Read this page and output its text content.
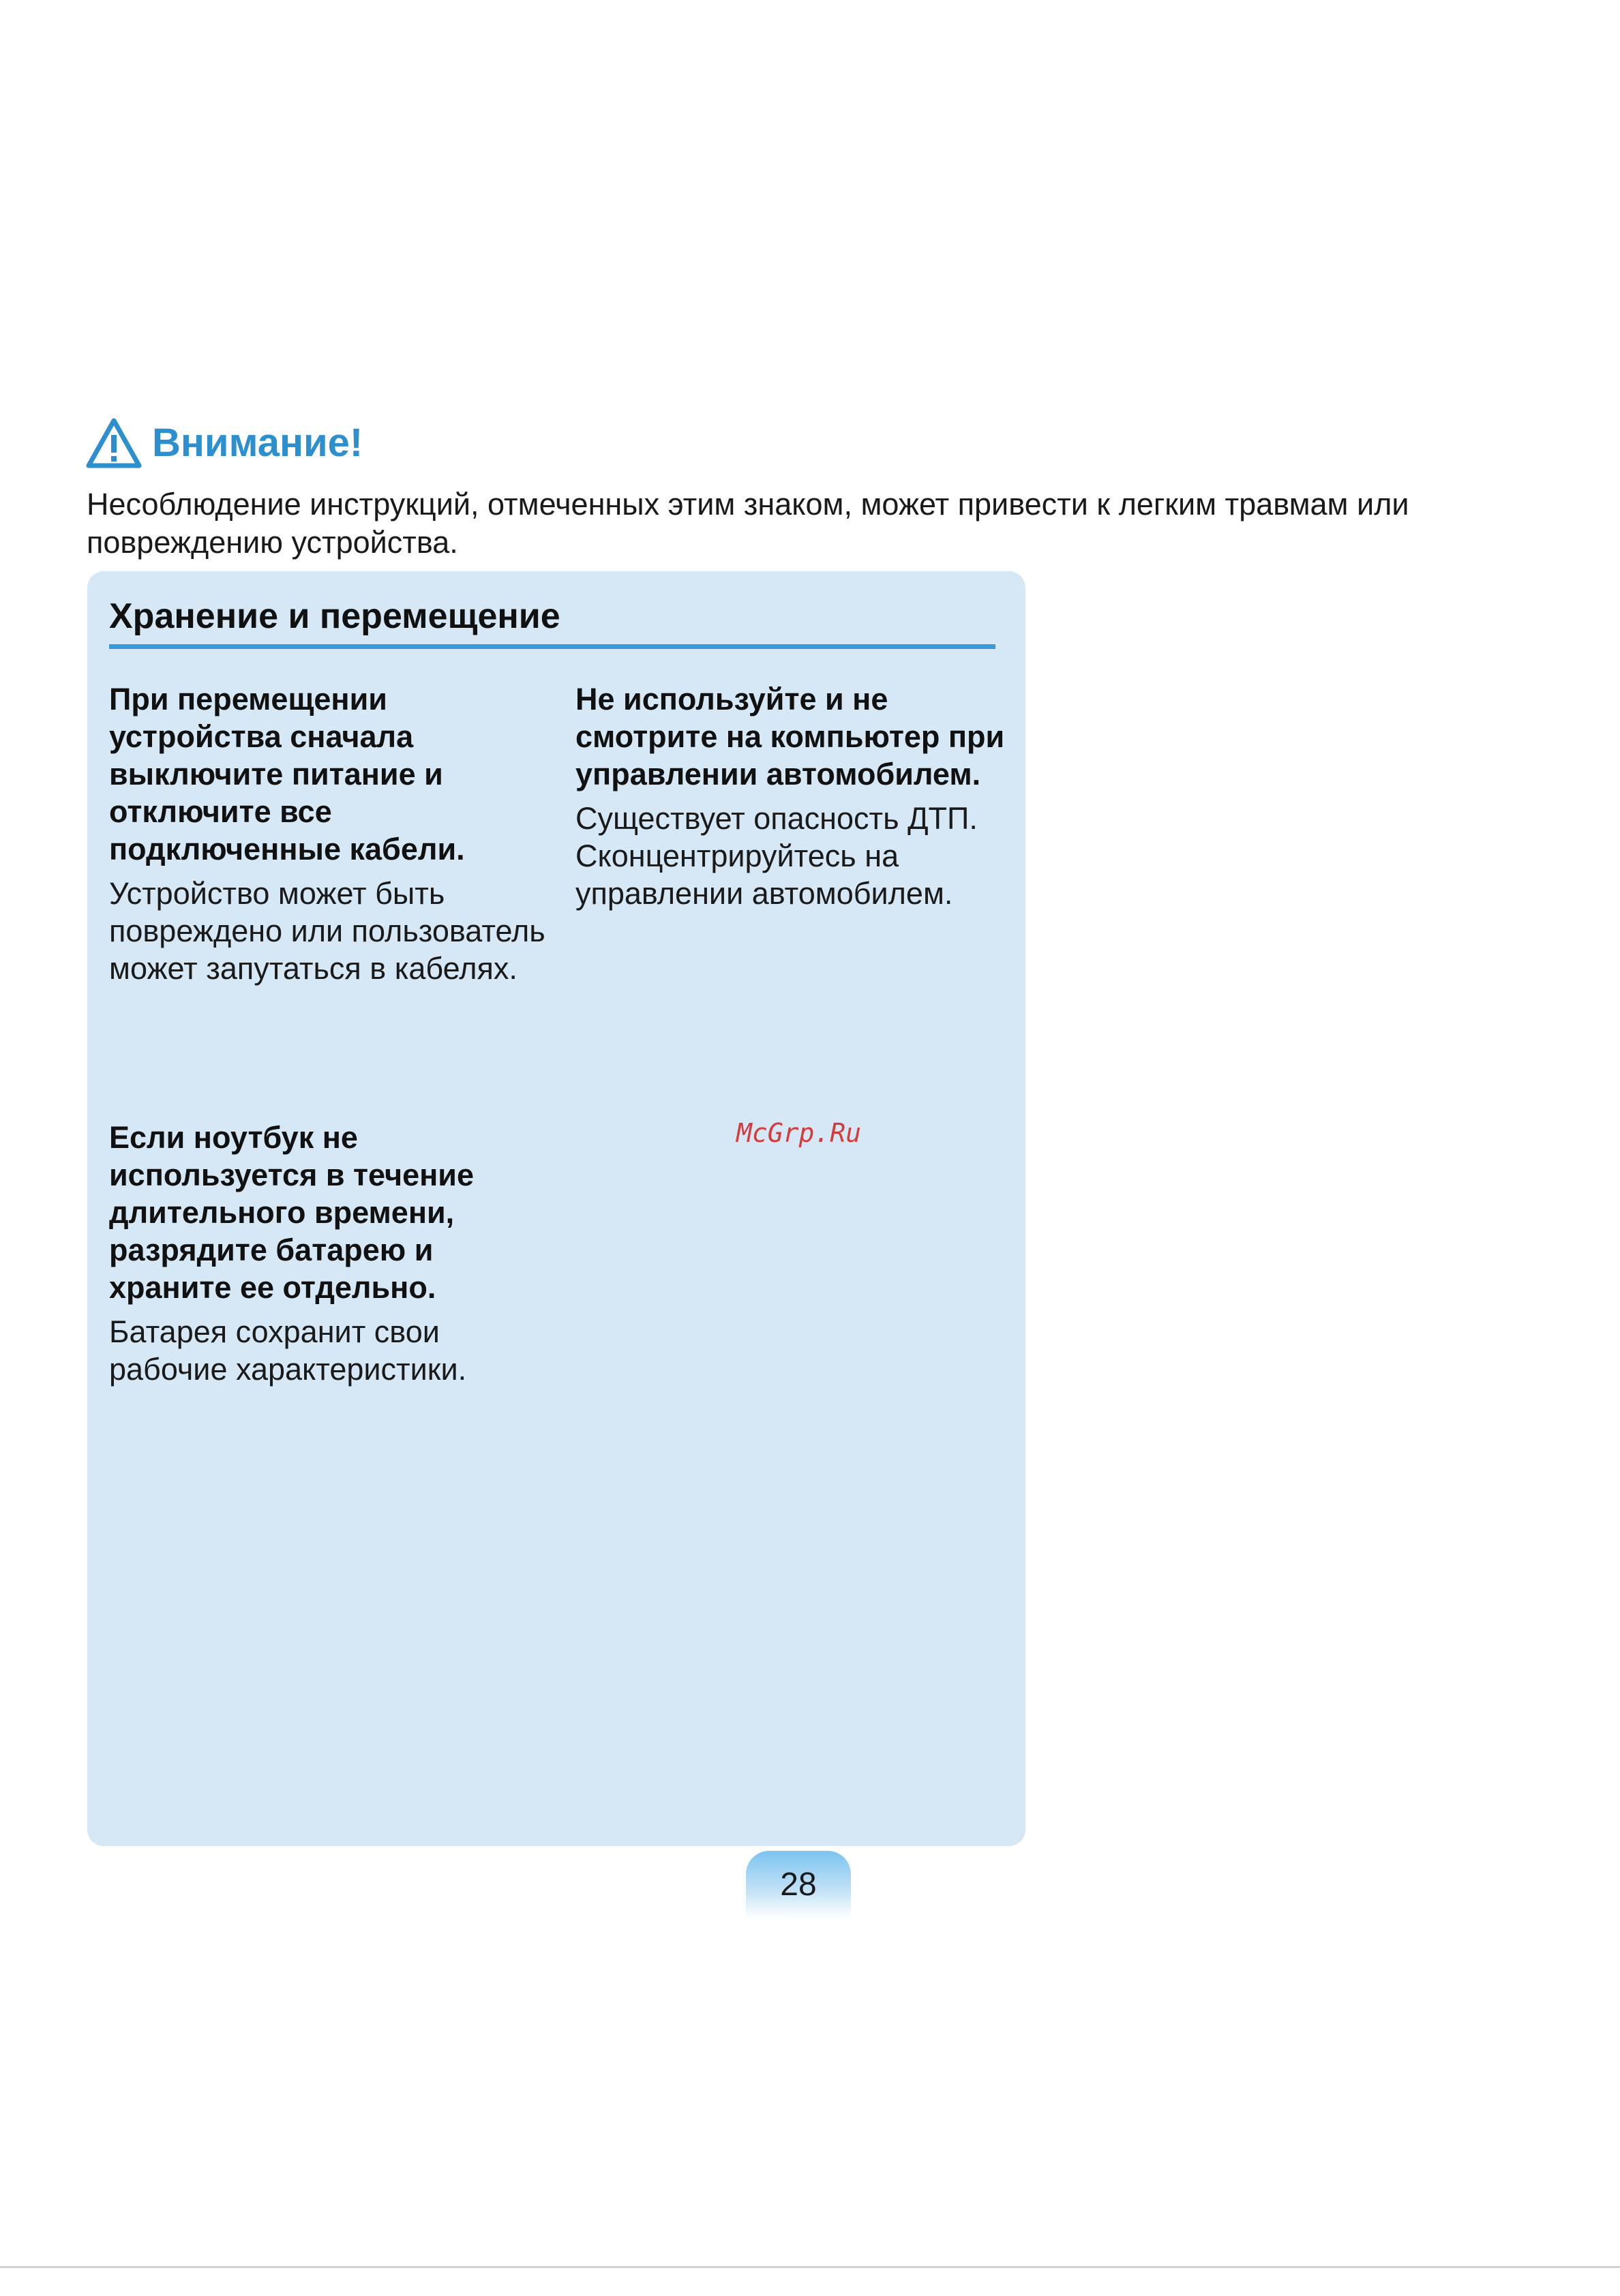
Внимание!

Несоблюдение инструкций, отмеченных этим знаком, может привести к легким травмам или повреждению устройства.

Хранение и перемещение

При перемещении устройства сначала выключите питание и отключите все подключенные кабели.

Устройство может быть повреждено или пользователь может запутаться в кабелях.

Не используйте и не смотрите на компьютер при управлении автомобилем.

Существует опасность ДТП. Сконцентрируйтесь на управлении автомобилем.

Если ноутбук не используется в течение длительного времени, разрядите батарею и храните ее отдельно.

Батарея сохранит свои рабочие характеристики.

McGrp.Ru
28
